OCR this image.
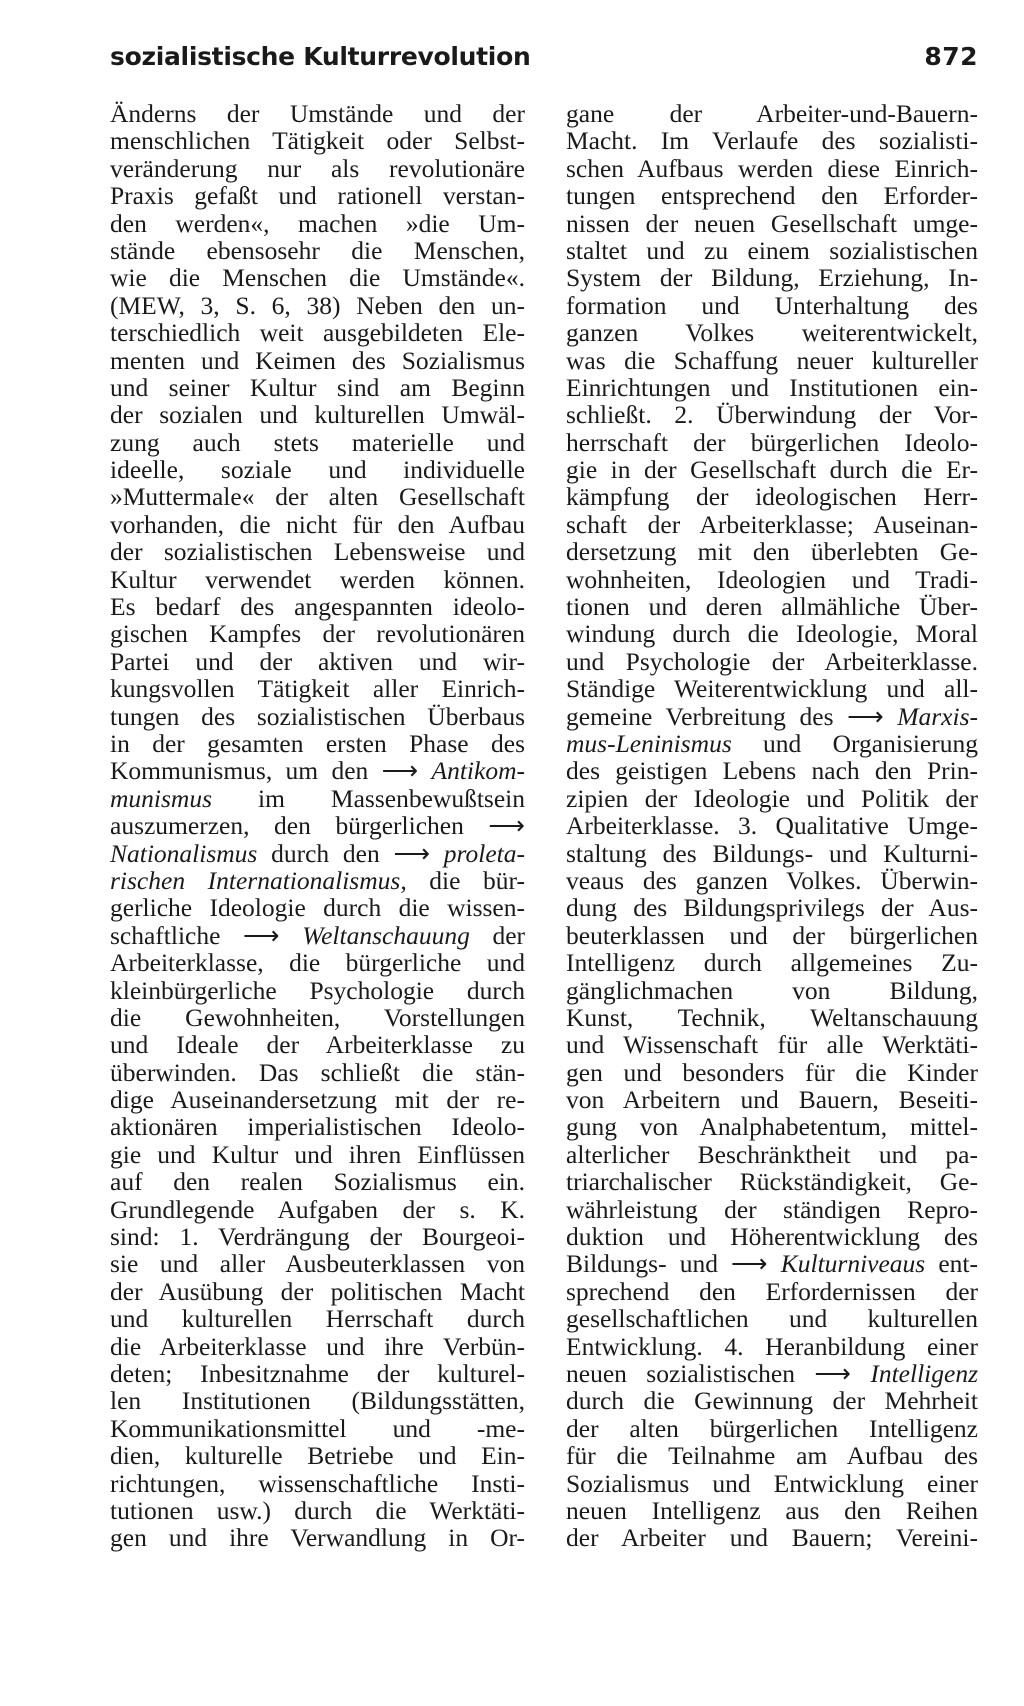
sozialistische Kulturrevolution	872
Änderns der Umstände und der
menschlichen Tätigkeit oder Selbst-
veränderung nur als revolutionäre
Praxis gefaßt und rationell verstan-
den werden«, machen »die Um-
stände ebensosehr die Menschen,
wie die Menschen die Umstände«.
(MEW, 3, S. 6, 38) Neben den un-
terschiedlich weit ausgebildeten Ele-
menten und Keimen des Sozialismus
und seiner Kultur sind am Beginn
der sozialen und kulturellen Umwäl-
zung auch stets materielle und
ideelle, soziale und individuelle
»Muttermale« der alten Gesellschaft
vorhanden, die nicht für den Aufbau
der sozialistischen Lebensweise und
Kultur verwendet werden können.
Es bedarf des angespannten ideolo-
gischen Kampfes der revolutionären
Partei und der aktiven und wir-
kungsvollen Tätigkeit aller Einrich-
tungen des sozialistischen Überbaus
in der gesamten ersten Phase des
Kommunismus, um den ⟶ Antikom-
munismus im Massenbewußtsein
auszumerzen, den bürgerlichen ⟶
Nationalismus durch den ⟶ proleta-
rischen Internationalismus, die bür-
gerliche Ideologie durch die wissen-
schaftliche ⟶ Weltanschauung der
Arbeiterklasse, die bürgerliche und
kleinbürgerliche Psychologie durch
die Gewohnheiten, Vorstellungen
und Ideale der Arbeiterklasse zu
überwinden. Das schließt die stän-
dige Auseinandersetzung mit der re-
aktionären imperialistischen Ideolo-
gie und Kultur und ihren Einflüssen
auf den realen Sozialismus ein.
Grundlegende Aufgaben der s. K.
sind: 1. Verdrängung der Bourgeoi-
sie und aller Ausbeuterklassen von
der Ausübung der politischen Macht
und kulturellen Herrschaft durch
die Arbeiterklasse und ihre Verbün-
deten; Inbesitznahme der kulturel-
len Institutionen (Bildungsstätten,
Kommunikationsmittel und -me-
dien, kulturelle Betriebe und Ein-
richtungen, wissenschaftliche Insti-
tutionen usw.) durch die Werktäti-
gen und ihre Verwandlung in Or-
gane der Arbeiter-und-Bauern-
Macht. Im Verlaufe des sozialisti-
schen Aufbaus werden diese Einrich-
tungen entsprechend den Erforder-
nissen der neuen Gesellschaft umge-
staltet und zu einem sozialistischen
System der Bildung, Erziehung, In-
formation und Unterhaltung des
ganzen Volkes weiterentwickelt,
was die Schaffung neuer kultureller
Einrichtungen und Institutionen ein-
schließt. 2. Überwindung der Vor-
herrschaft der bürgerlichen Ideolo-
gie in der Gesellschaft durch die Er-
kämpfung der ideologischen Herr-
schaft der Arbeiterklasse; Auseinan-
dersetzung mit den überlebten Ge-
wohnheiten, Ideologien und Tradi-
tionen und deren allmähliche Über-
windung durch die Ideologie, Moral
und Psychologie der Arbeiterklasse.
Ständige Weiterentwicklung und all-
gemeine Verbreitung des ⟶ Marxis-
mus-Leninismus und Organisierung
des geistigen Lebens nach den Prin-
zipien der Ideologie und Politik der
Arbeiterklasse. 3. Qualitative Umge-
staltung des Bildungs- und Kulturni-
veaus des ganzen Volkes. Überwin-
dung des Bildungsprivilegs der Aus-
beuterklassen und der bürgerlichen
Intelligenz durch allgemeines Zu-
gänglichmachen von Bildung,
Kunst, Technik, Weltanschauung
und Wissenschaft für alle Werktäti-
gen und besonders für die Kinder
von Arbeitern und Bauern, Beseiti-
gung von Analphabetentum, mittel-
alterlicher Beschränktheit und pa-
triarchalischer Rückständigkeit, Ge-
währleistung der ständigen Repro-
duktion und Höherentwicklung des
Bildungs- und ⟶ Kulturniveaus ent-
sprechend den Erfordernissen der
gesellschaftlichen und kulturellen
Entwicklung. 4. Heranbildung einer
neuen sozialistischen ⟶ Intelligenz
durch die Gewinnung der Mehrheit
der alten bürgerlichen Intelligenz
für die Teilnahme am Aufbau des
Sozialismus und Entwicklung einer
neuen Intelligenz aus den Reihen
der Arbeiter und Bauern; Vereini-
